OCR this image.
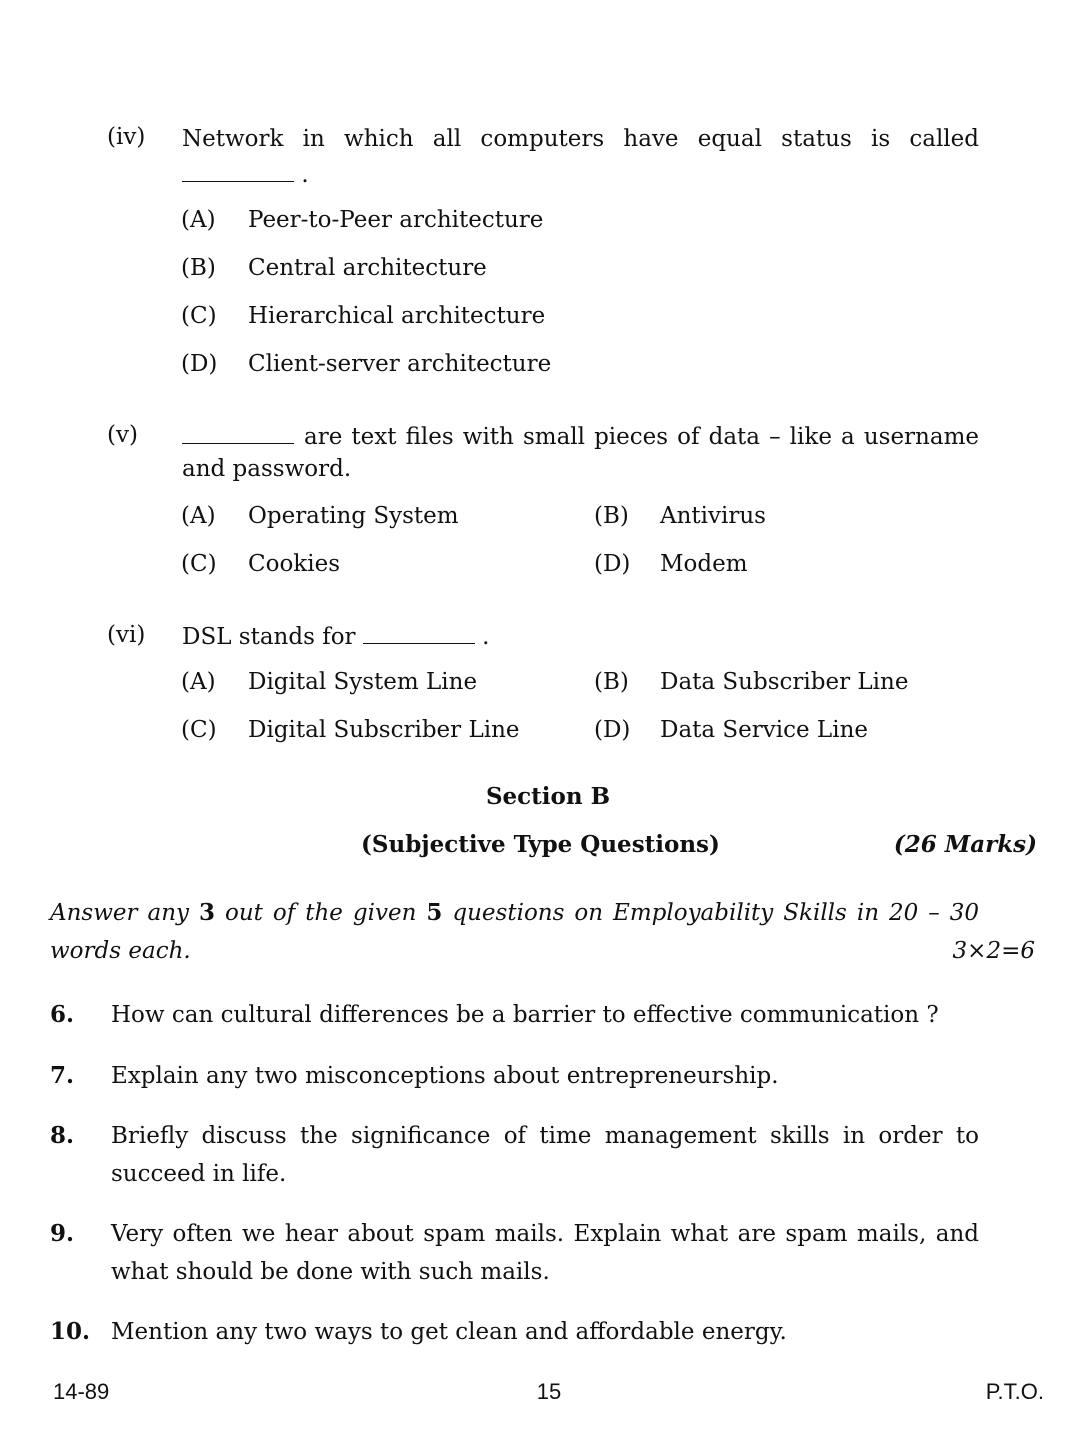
(iv) Network in which all computers have equal status is called
.
(A) Peer-to-Peer architecture
(B) Central architecture
(C) Hierarchical architecture
(D) Client-server architecture
(v)	are text files with small pieces of data – like a username
and password.
(A) Operating System	(B) Antivirus
(C) Cookies	(D) Modem
(vi) DSL stands for	.
(A) Digital System Line	(B) Data Subscriber Line
(C) Digital Subscriber Line	(D) Data Service Line
Section B
(Subjective Type Questions)	(26 Marks)
Answer any 3 out of the given 5 questions on Employability Skills in 20 – 30
words each.	3×2=6
6. How can cultural differences be a barrier to effective communication ?
7. Explain any two misconceptions about entrepreneurship.
8. Briefly discuss the significance of time management skills in order to
succeed in life.
9. Very often we hear about spam mails. Explain what are spam mails, and
what should be done with such mails.
10. Mention any two ways to get clean and affordable energy.
14-89	15	P.T.O.
